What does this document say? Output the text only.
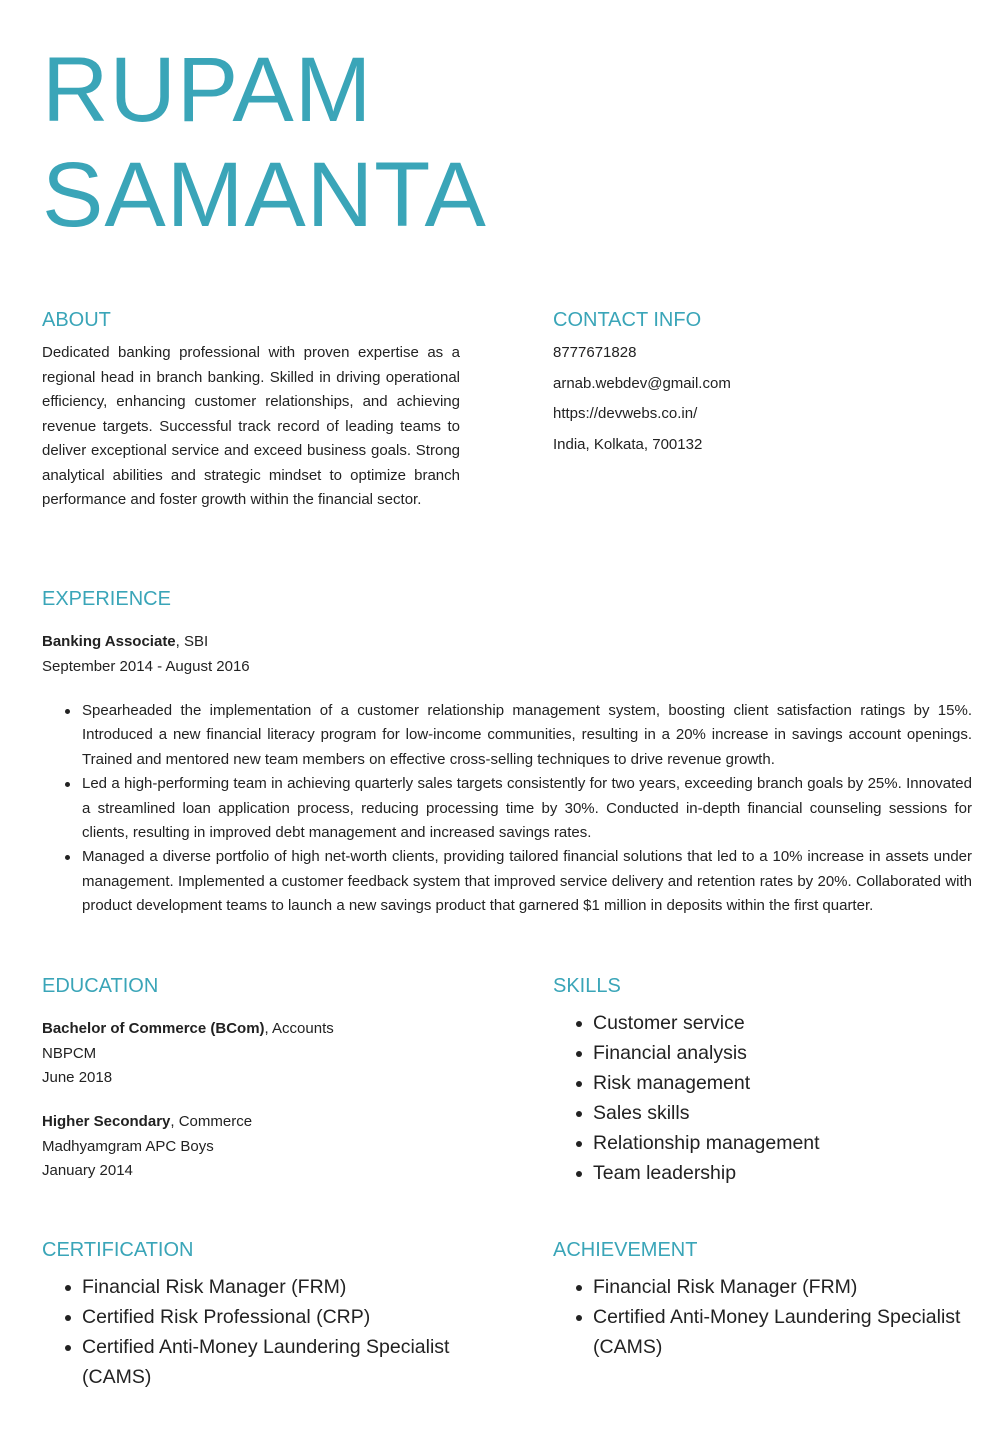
RUPAM
SAMANTA
ABOUT

Dedicated banking professional with proven expertise as a regional head in branch banking. Skilled in driving operational efficiency, enhancing customer relationships, and achieving revenue targets. Successful track record of leading teams to deliver exceptional service and exceed business goals. Strong analytical abilities and strategic mindset to optimize branch performance and foster growth within the financial sector.

CONTACT INFO
8777671828
arnab.webdev@gmail.com
https://devwebs.co.in/
India, Kolkata, 700132
EXPERIENCE
Banking Associate, SBI
September 2014 - August 2016
Spearheaded the implementation of a customer relationship management system, boosting client satisfaction ratings by 15%. Introduced a new financial literacy program for low-income communities, resulting in a 20% increase in savings account openings. Trained and mentored new team members on effective cross-selling techniques to drive revenue growth.
Led a high-performing team in achieving quarterly sales targets consistently for two years, exceeding branch goals by 25%. Innovated a streamlined loan application process, reducing processing time by 30%. Conducted in-depth financial counseling sessions for clients, resulting in improved debt management and increased savings rates.
Managed a diverse portfolio of high net-worth clients, providing tailored financial solutions that led to a 10% increase in assets under management. Implemented a customer feedback system that improved service delivery and retention rates by 20%. Collaborated with product development teams to launch a new savings product that garnered $1 million in deposits within the first quarter.
EDUCATION
Bachelor of Commerce (BCom), Accounts
NBPCM
June 2018
Higher Secondary, Commerce
Madhyamgram APC Boys
January 2014
SKILLS
Customer service
Financial analysis
Risk management
Sales skills
Relationship management
Team leadership
CERTIFICATION
Financial Risk Manager (FRM)
Certified Risk Professional (CRP)
Certified Anti-Money Laundering Specialist (CAMS)
ACHIEVEMENT
Financial Risk Manager (FRM)
Certified Anti-Money Laundering Specialist (CAMS)
